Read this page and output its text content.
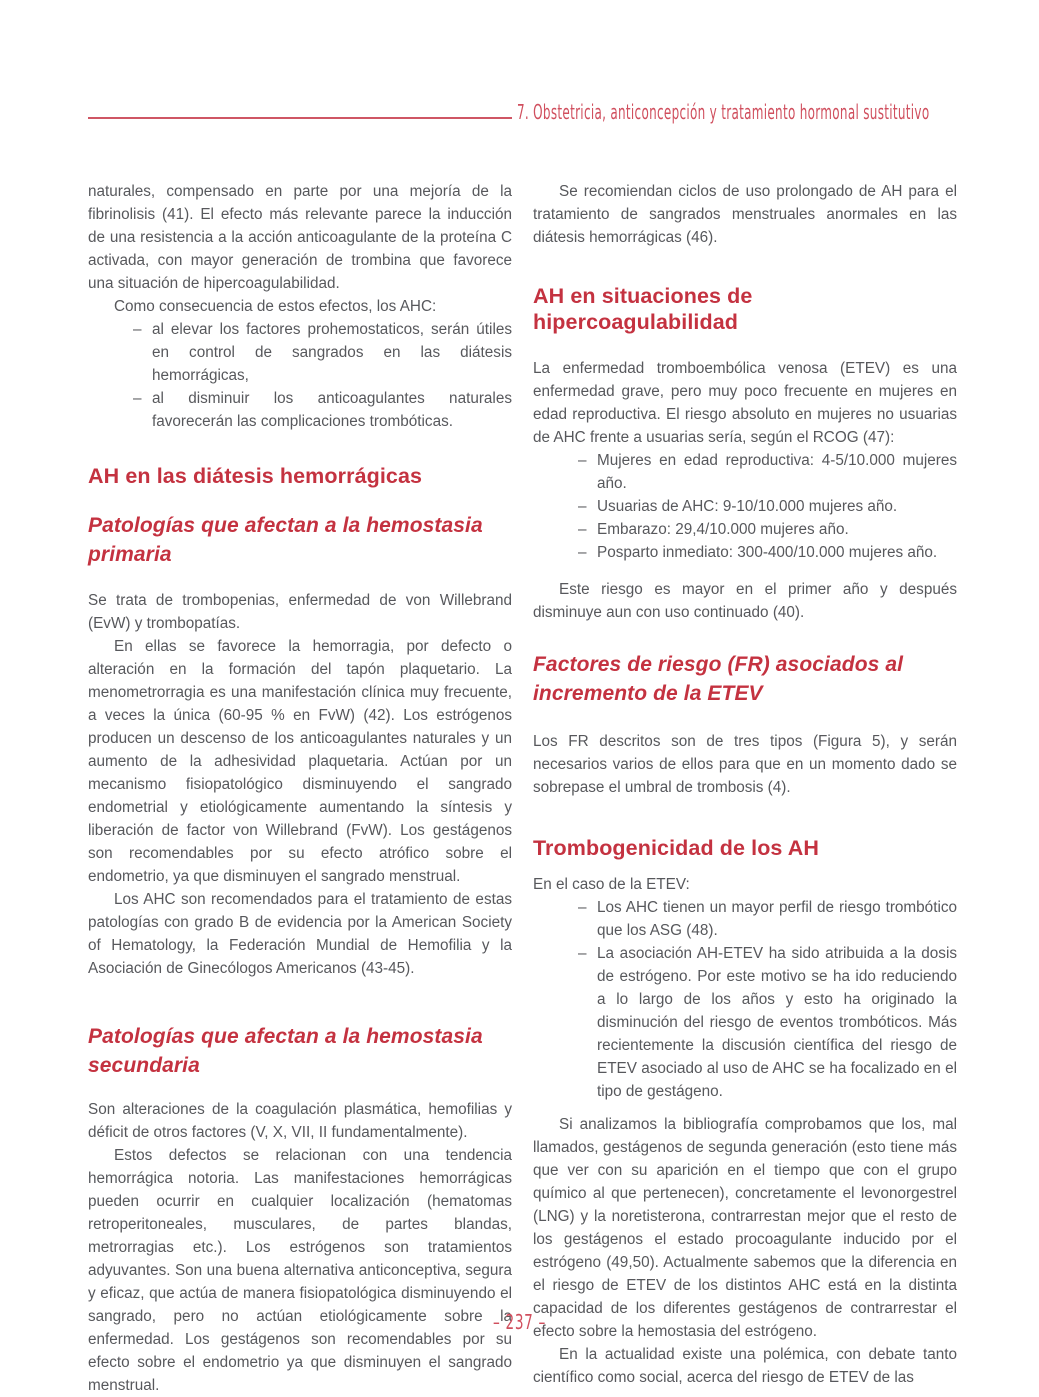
7. Obstetricia, anticoncepción y tratamiento hormonal sustitutivo

naturales, compensado en parte por una mejoría de la fibrinolisis (41). El efecto más relevante parece la inducción de una resistencia a la acción anticoagulante de la proteína C activada, con mayor generación de trombina que favorece una situación de hipercoagulabilidad.

Como consecuencia de estos efectos, los AHC:

– al elevar los factores prohemostaticos, serán útiles en control de sangrados en las diátesis hemorrágicas,
– al disminuir los anticoagulantes naturales favorecerán las complicaciones trombóticas.
AH en las diátesis hemorrágicas
Patologías que afectan a la hemostasia primaria

Se trata de trombopenias, enfermedad de von Willebrand (EvW) y trombopatías.

En ellas se favorece la hemorragia, por defecto o alteración en la formación del tapón plaquetario. La menometrorragia es una manifestación clínica muy frecuente, a veces la única (60-95 % en FvW) (42). Los estrógenos producen un descenso de los anticoagulantes naturales y un aumento de la adhesividad plaquetaria. Actúan por un mecanismo fisiopatológico disminuyendo el sangrado endometrial y etiológicamente aumentando la síntesis y liberación de factor von Willebrand (FvW). Los gestágenos son recomendables por su efecto atrófico sobre el endometrio, ya que disminuyen el sangrado menstrual.

Los AHC son recomendados para el tratamiento de estas patologías con grado B de evidencia por la American Society of Hematology, la Federación Mundial de Hemofilia y la Asociación de Ginecólogos Americanos (43-45).

Patologías que afectan a la hemostasia secundaria

Son alteraciones de la coagulación plasmática, hemofilias y déficit de otros factores (V, X, VII, II fundamentalmente).

Estos defectos se relacionan con una tendencia hemorrágica notoria. Las manifestaciones hemorrágicas pueden ocurrir en cualquier localización (hematomas retroperitoneales, musculares, de partes blandas, metrorragias etc.). Los estrógenos son tratamientos adyuvantes. Son una buena alternativa anticonceptiva, segura y eficaz, que actúa de manera fisiopatológica disminuyendo el sangrado, pero no actúan etiológicamente sobre la enfermedad. Los gestágenos son recomendables por su efecto sobre el endometrio ya que disminuyen el sangrado menstrual.

Se recomiendan ciclos de uso prolongado de AH para el tratamiento de sangrados menstruales anormales en las diátesis hemorrágicas (46).

AH en situaciones de hipercoagulabilidad

La enfermedad tromboembólica venosa (ETEV) es una enfermedad grave, pero muy poco frecuente en mujeres en edad reproductiva. El riesgo absoluto en mujeres no usuarias de AHC frente a usuarias sería, según el RCOG (47):

– Mujeres en edad reproductiva: 4-5/10.000 mujeres año.
– Usuarias de AHC: 9-10/10.000 mujeres año.
– Embarazo: 29,4/10.000 mujeres año.
– Posparto inmediato: 300-400/10.000 mujeres año.

Este riesgo es mayor en el primer año y después disminuye aun con uso continuado (40).

Factores de riesgo (FR) asociados al incremento de la ETEV

Los FR descritos son de tres tipos (Figura 5), y serán necesarios varios de ellos para que en un momento dado se sobrepase el umbral de trombosis (4).

Trombogenicidad de los AH

En el caso de la ETEV:

– Los AHC tienen un mayor perfil de riesgo trombótico que los ASG (48).
– La asociación AH-ETEV ha sido atribuida a la dosis de estrógeno. Por este motivo se ha ido reduciendo a lo largo de los años y esto ha originado la disminución del riesgo de eventos trombóticos. Más recientemente la discusión científica del riesgo de ETEV asociado al uso de AHC se ha focalizado en el tipo de gestágeno.

Si analizamos la bibliografía comprobamos que los, mal llamados, gestágenos de segunda generación (esto tiene más que ver con su aparición en el tiempo que con el grupo químico al que pertenecen), concretamente el levonorgestrel (LNG) y la noretisterona, contrarrestan mejor que el resto de los gestágenos el estado procoagulante inducido por el estrógeno (49,50). Actualmente sabemos que la diferencia en el riesgo de ETEV de los distintos AHC está en la distinta capacidad de los diferentes gestágenos de contrarrestar el efecto sobre la hemostasia del estrógeno.

En la actualidad existe una polémica, con debate tanto científico como social, acerca del riesgo de ETEV de las

– 237 –
